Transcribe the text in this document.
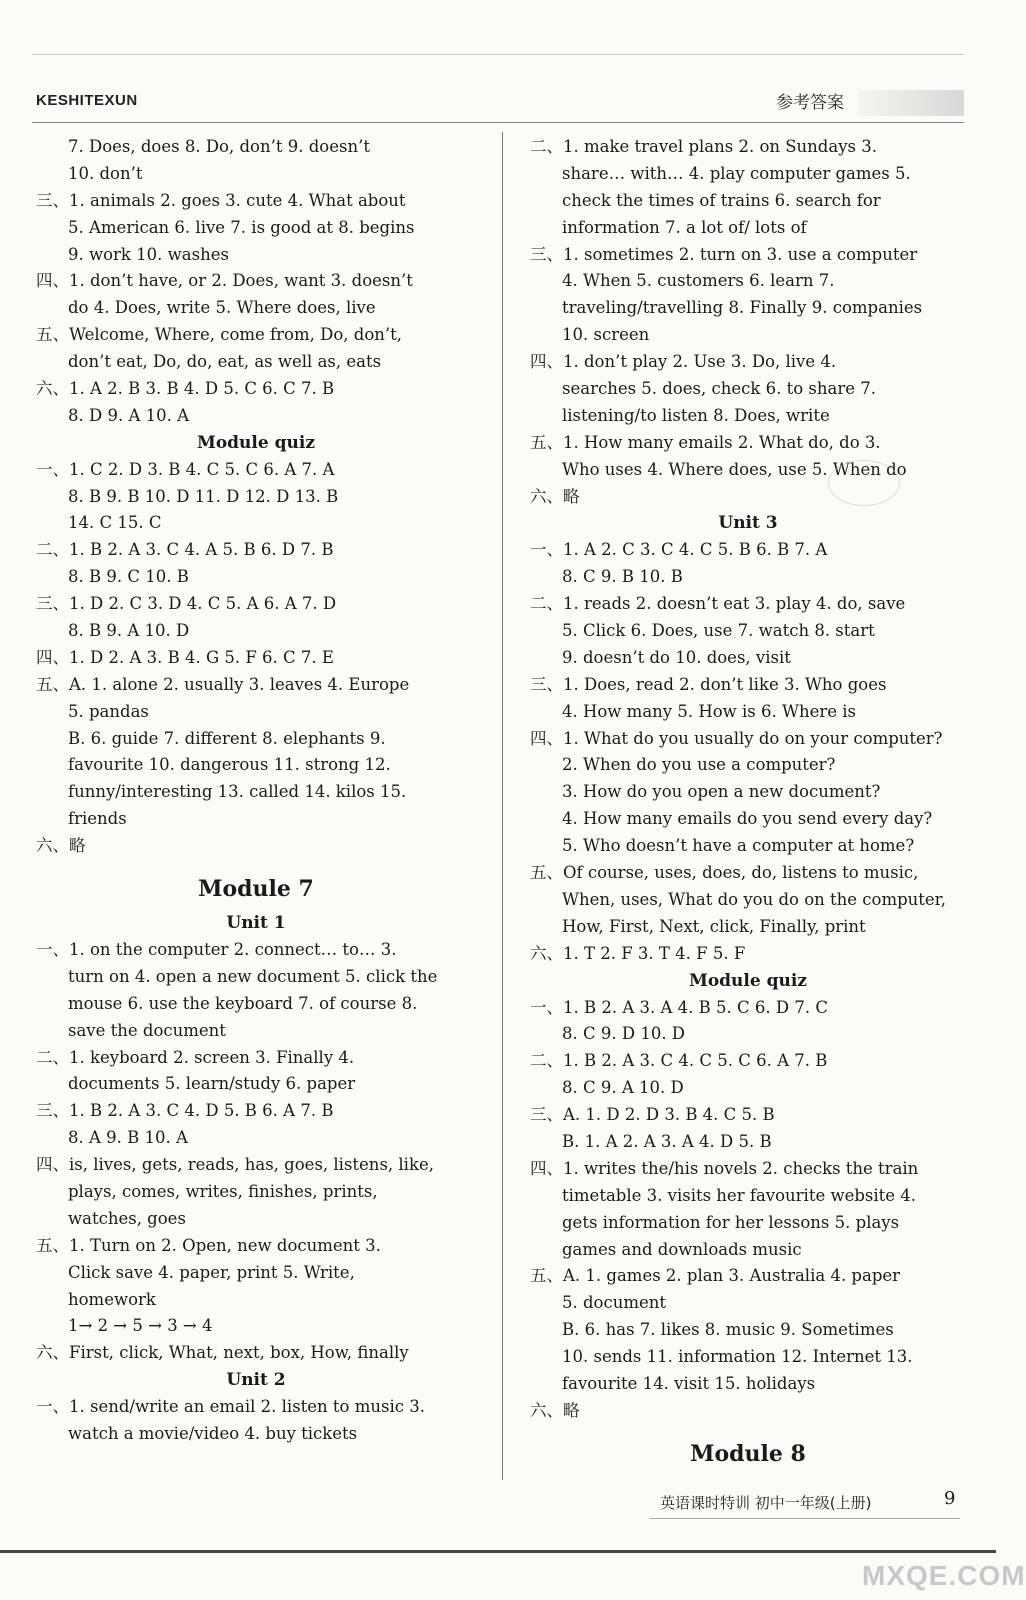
KESHITEXUN	参考答案
7. Does, does 8. Do, don’t 9. doesn’t
10. don’t
三、1. animals 2. goes 3. cute 4. What about
5. American 6. live 7. is good at 8. begins
9. work 10. washes
四、1. don’t have, or 2. Does, want 3. doesn’t
do 4. Does, write 5. Where does, live
五、Welcome, Where, come from, Do, don’t,
don’t eat, Do, do, eat, as well as, eats
六、1. A 2. B 3. B 4. D 5. C 6. C 7. B
8. D 9. A 10. A
Module quiz
一、1. C 2. D 3. B 4. C 5. C 6. A 7. A
8. B 9. B 10. D 11. D 12. D 13. B
14. C 15. C
二、1. B 2. A 3. C 4. A 5. B 6. D 7. B
8. B 9. C 10. B
三、1. D 2. C 3. D 4. C 5. A 6. A 7. D
8. B 9. A 10. D
四、1. D 2. A 3. B 4. G 5. F 6. C 7. E
五、A. 1. alone 2. usually 3. leaves 4. Europe
5. pandas
B. 6. guide 7. different 8. elephants 9.
favourite 10. dangerous 11. strong 12.
funny/interesting 13. called 14. kilos 15.
friends
六、略
Module 7
Unit 1
一、1. on the computer 2. connect… to… 3.
turn on 4. open a new document 5. click the
mouse 6. use the keyboard 7. of course 8.
save the document
二、1. keyboard 2. screen 3. Finally 4.
documents 5. learn/study 6. paper
三、1. B 2. A 3. C 4. D 5. B 6. A 7. B
8. A 9. B 10. A
四、is, lives, gets, reads, has, goes, listens, like,
plays, comes, writes, finishes, prints,
watches, goes
五、1. Turn on 2. Open, new document 3.
Click save 4. paper, print 5. Write,
homework
1→ 2 → 5 → 3 → 4
六、First, click, What, next, box, How, finally
Unit 2
一、1. send/write an email 2. listen to music 3.
watch a movie/video 4. buy tickets
二、1. make travel plans 2. on Sundays 3.
share… with… 4. play computer games 5.
check the times of trains 6. search for
information 7. a lot of/ lots of
三、1. sometimes 2. turn on 3. use a computer
4. When 5. customers 6. learn 7.
traveling/travelling 8. Finally 9. companies
10. screen
四、1. don’t play 2. Use 3. Do, live 4.
searches 5. does, check 6. to share 7.
listening/to listen 8. Does, write
五、1. How many emails 2. What do, do 3.
Who uses 4. Where does, use 5. When do
六、略
Unit 3
一、1. A 2. C 3. C 4. C 5. B 6. B 7. A
8. C 9. B 10. B
二、1. reads 2. doesn’t eat 3. play 4. do, save
5. Click 6. Does, use 7. watch 8. start
9. doesn’t do 10. does, visit
三、1. Does, read 2. don’t like 3. Who goes
4. How many 5. How is 6. Where is
四、1. What do you usually do on your computer?
2. When do you use a computer?
3. How do you open a new document?
4. How many emails do you send every day?
5. Who doesn’t have a computer at home?
五、Of course, uses, does, do, listens to music,
When, uses, What do you do on the computer,
How, First, Next, click, Finally, print
六、1. T 2. F 3. T 4. F 5. F
Module quiz
一、1. B 2. A 3. A 4. B 5. C 6. D 7. C
8. C 9. D 10. D
二、1. B 2. A 3. C 4. C 5. C 6. A 7. B
8. C 9. A 10. D
三、A. 1. D 2. D 3. B 4. C 5. B
B. 1. A 2. A 3. A 4. D 5. B
四、1. writes the/his novels 2. checks the train
timetable 3. visits her favourite website 4.
gets information for her lessons 5. plays
games and downloads music
五、A. 1. games 2. plan 3. Australia 4. paper
5. document
B. 6. has 7. likes 8. music 9. Sometimes
10. sends 11. information 12. Internet 13.
favourite 14. visit 15. holidays
六、略
Module 8
英语课时特训 初中一年级(上册)	9
MXQE.COM
